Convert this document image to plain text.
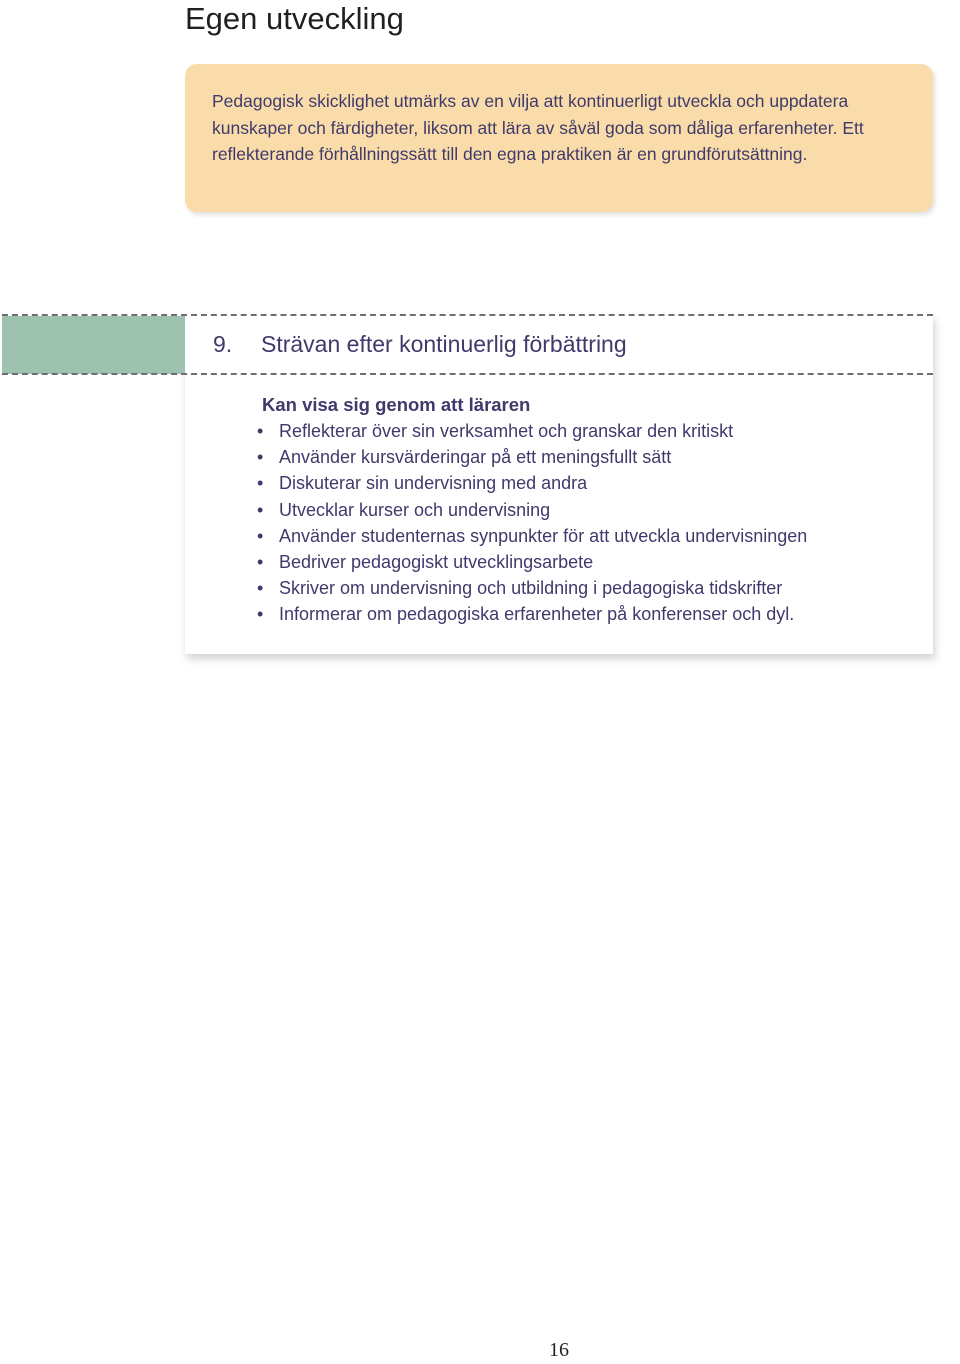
Egen utveckling

Pedagogisk skicklighet utmärks av en vilja att kontinuerligt utveckla och uppdatera kunskaper och färdigheter, liksom att lära av såväl goda som dåliga erfarenheter. Ett reflekterande förhållningssätt till den egna praktiken är en grundförutsättning.

9.	Strävan efter kontinuerlig förbättring
Kan visa sig genom att läraren
• Reflekterar över sin verksamhet och granskar den kritiskt
• Använder kursvärderingar på ett meningsfullt sätt
• Diskuterar sin undervisning med andra
• Utvecklar kurser och undervisning
• Använder studenternas synpunkter för att utveckla undervisningen
• Bedriver pedagogiskt utvecklingsarbete
• Skriver om undervisning och utbildning i pedagogiska tidskrifter
• Informerar om pedagogiska erfarenheter på konferenser och dyl.

16
